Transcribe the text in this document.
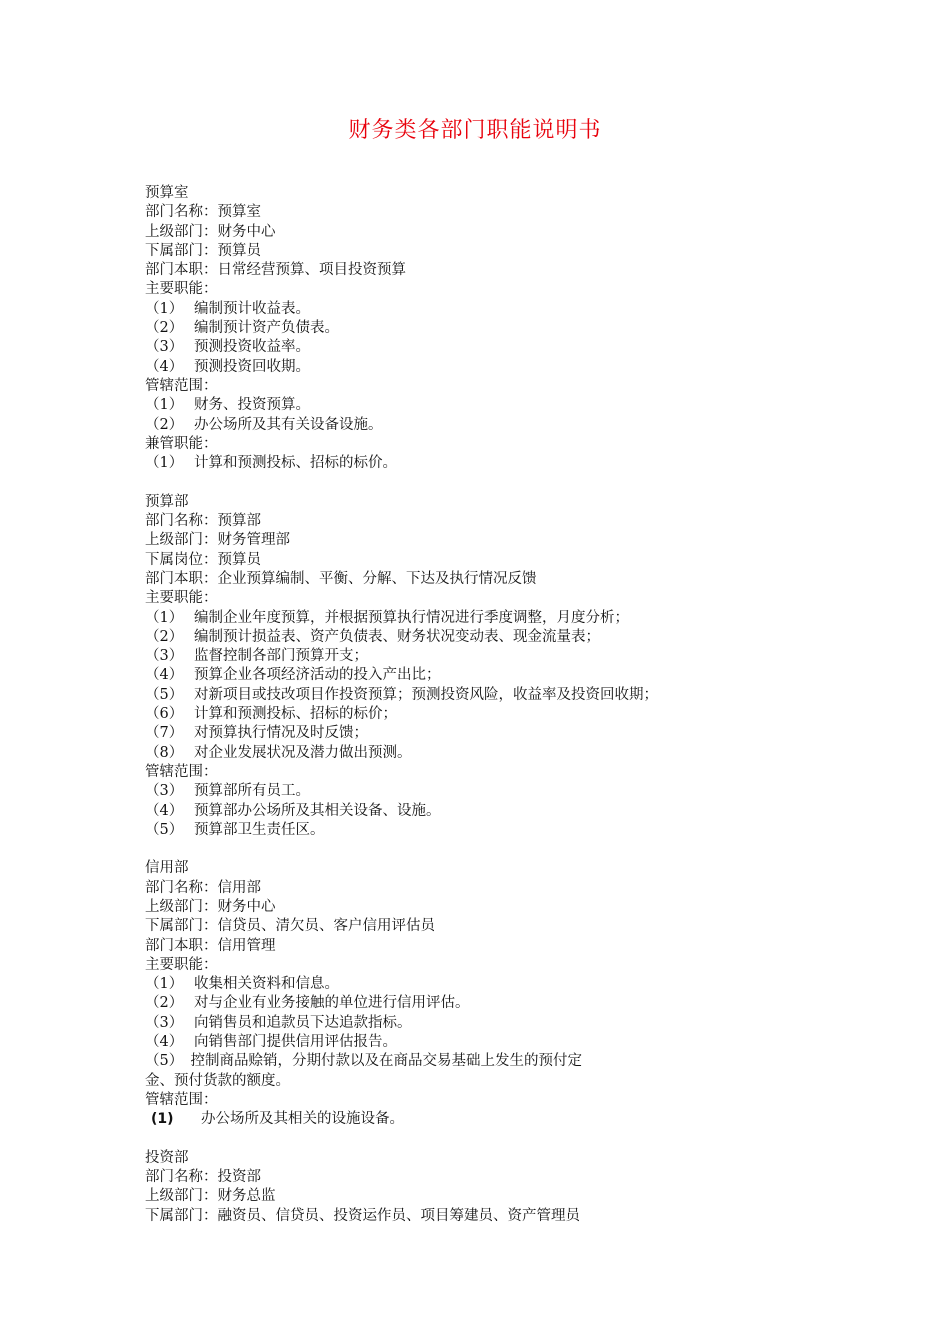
财务类各部门职能说明书
预算室
部门名称：预算室
上级部门：财务中心
下属部门：预算员
部门本职：日常经营预算、项目投资预算
主要职能：
（1） 编制预计收益表。
（2） 编制预计资产负债表。
（3） 预测投资收益率。
（4） 预测投资回收期。
管辖范围：
（1） 财务、投资预算。
（2） 办公场所及其有关设备设施。
兼管职能：
（1） 计算和预测投标、招标的标价。
预算部
部门名称：预算部
上级部门：财务管理部
下属岗位：预算员
部门本职：企业预算编制、平衡、分解、下达及执行情况反馈
主要职能：
（1） 编制企业年度预算，并根据预算执行情况进行季度调整，月度分析；
（2） 编制预计损益表、资产负债表、财务状况变动表、现金流量表；
（3） 监督控制各部门预算开支；
（4） 预算企业各项经济活动的投入产出比；
（5） 对新项目或技改项目作投资预算；预测投资风险，收益率及投资回收期；
（6） 计算和预测投标、招标的标价；
（7） 对预算执行情况及时反馈；
（8） 对企业发展状况及潜力做出预测。
管辖范围：
（3） 预算部所有员工。
（4） 预算部办公场所及其相关设备、设施。
（5） 预算部卫生责任区。
信用部
部门名称：信用部
上级部门：财务中心
下属部门：信贷员、清欠员、客户信用评估员
部门本职：信用管理
主要职能：
（1） 收集相关资料和信息。
（2） 对与企业有业务接触的单位进行信用评估。
（3） 向销售员和追款员下达追款指标。
（4） 向销售部门提供信用评估报告。
（5）　控制商品赊销，分期付款以及在商品交易基础上发生的预付定
金、预付货款的额度。
管辖范围：
(1) 办公场所及其相关的设施设备。
投资部
部门名称：投资部
上级部门：财务总监
下属部门：融资员、信贷员、投资运作员、项目筹建员、资产管理员
